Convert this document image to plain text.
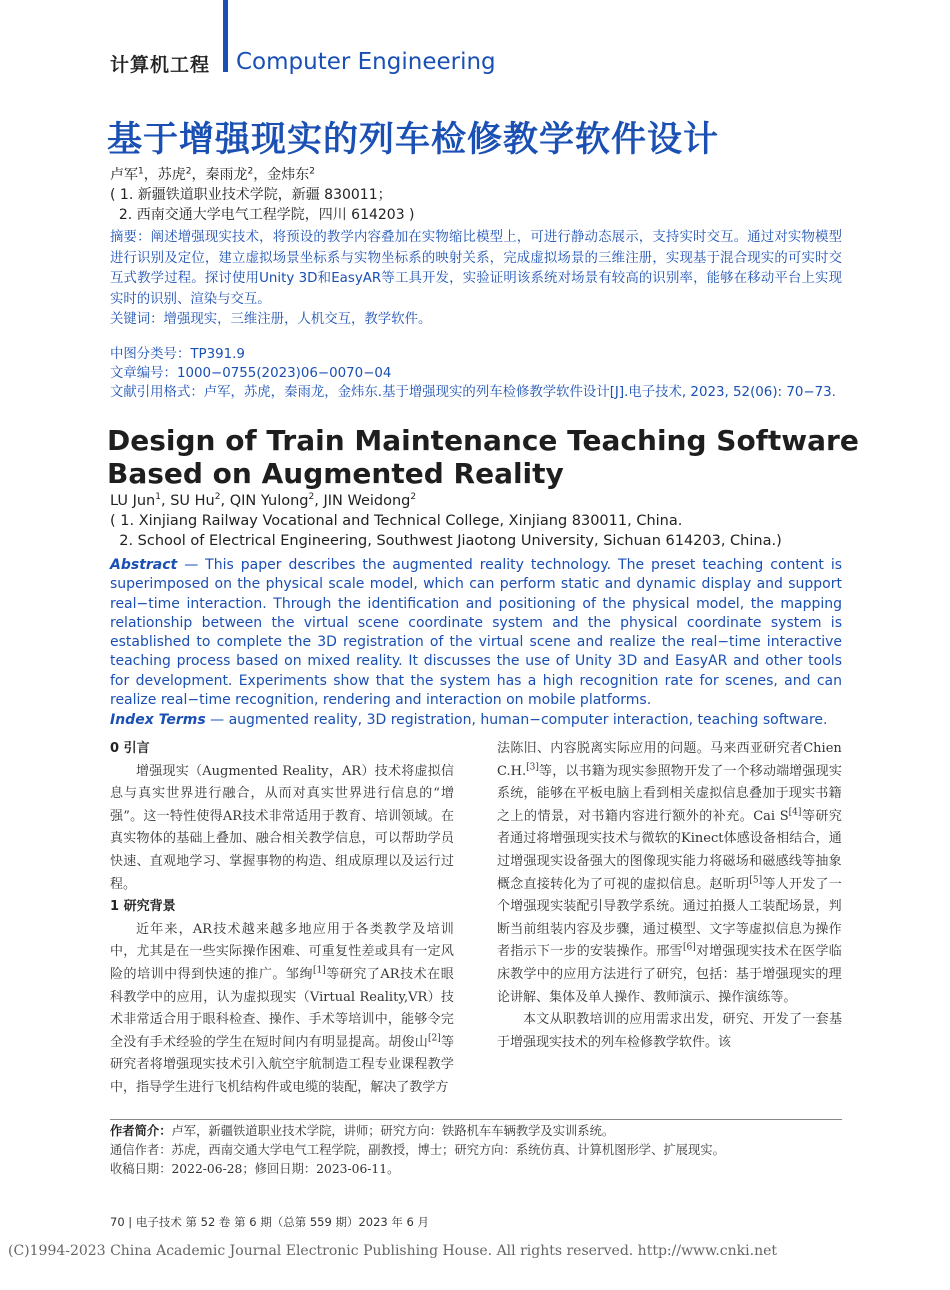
计算机工程 Computer Engineering
基于增强现实的列车检修教学软件设计
卢军$^1$，苏虎$^2$，秦雨龙$^2$，金炜东$^2$
( 1. 新疆铁道职业技术学院，新疆 830011；
2. 西南交通大学电气工程学院，四川 614203 )
摘要：阐述增强现实技术，将预设的教学内容叠加在实物缩比模型上，可进行静动态展示，支持实时交互。通过对实物模型进行识别及定位，建立虚拟场景坐标系与实物坐标系的映射关系，完成虚拟场景的三维注册，实现基于混合现实的可实时交互式教学过程。探讨使用Unity 3D和EasyAR等工具开发，实验证明该系统对场景有较高的识别率，能够在移动平台上实现实时的识别、渲染与交互。
关键词：增强现实，三维注册，人机交互，教学软件。
中图分类号：TP391.9
文章编号：1000−0755(2023)06−0070−04
文献引用格式：卢军，苏虎，秦雨龙，金炜东.基于增强现实的列车检修教学软件设计[J].电子技术, 2023, 52(06): 70−73.
Design of Train Maintenance Teaching Software Based on Augmented Reality
LU Jun$^1$, SU Hu$^2$, QIN Yulong$^2$, JIN Weidong$^2$
( 1. Xinjiang Railway Vocational and Technical College, Xinjiang 830011, China.
2. School of Electrical Engineering, Southwest Jiaotong University, Sichuan 614203, China.)
Abstract — This paper describes the augmented reality technology. The preset teaching content is superimposed on the physical scale model, which can perform static and dynamic display and support real−time interaction. Through the identification and positioning of the physical model, the mapping relationship between the virtual scene coordinate system and the physical coordinate system is established to complete the 3D registration of the virtual scene and realize the real−time interactive teaching process based on mixed reality. It discusses the use of Unity 3D and EasyAR and other tools for development. Experiments show that the system has a high recognition rate for scenes, and can realize real−time recognition, rendering and interaction on mobile platforms.
Index Terms — augmented reality, 3D registration, human−computer interaction, teaching software.
0 引言

增强现实（Augmented Reality，AR）技术将虚拟信息与真实世界进行融合，从而对真实世界进行信息的“增强”。这一特性使得AR技术非常适用于教育、培训领域。在真实物体的基础上叠加、融合相关教学信息，可以帮助学员快速、直观地学习、掌握事物的构造、组成原理以及运行过程。

1 研究背景

近年来，AR技术越来越多地应用于各类教学及培训中，尤其是在一些实际操作困难、可重复性差或具有一定风险的培训中得到快速的推广。邹绚[1]等研究了AR技术在眼科教学中的应用，认为虚拟现实（Virtual Reality,VR）技术非常适合用于眼科检查、操作、手术等培训中，能够令完全没有手术经验的学生在短时间内有明显提高。胡俊山[2]等研究者将增强现实技术引入航空宇航制造工程专业课程教学中，指导学生进行飞机结构件或电缆的装配，解决了教学方

法陈旧、内容脱离实际应用的问题。马来西亚研究者Chien C.H.[3]等，以书籍为现实参照物开发了一个移动端增强现实系统，能够在平板电脑上看到相关虚拟信息叠加于现实书籍之上的情景，对书籍内容进行额外的补充。Cai S[4]等研究者通过将增强现实技术与微软的Kinect体感设备相结合，通过增强现实设备强大的图像现实能力将磁场和磁感线等抽象概念直接转化为了可视的虚拟信息。赵昕玥[5]等人开发了一个增强现实装配引导教学系统。通过拍摄人工装配场景，判断当前组装内容及步骤，通过模型、文字等虚拟信息为操作者指示下一步的安装操作。邢雪[6]对增强现实技术在医学临床教学中的应用方法进行了研究，包括：基于增强现实的理论讲解、集体及单人操作、教师演示、操作演练等。

本文从职教培训的应用需求出发，研究、开发了一套基于增强现实技术的列车检修教学软件。该

作者简介：卢军，新疆铁道职业技术学院，讲师；研究方向：铁路机车车辆教学及实训系统。

通信作者：苏虎，西南交通大学电气工程学院，副教授，博士；研究方向：系统仿真、计算机图形学、扩展现实。

收稿日期：2022-06-28；修回日期：2023-06-11。

70 | 电子技术 第 52 卷 第 6 期（总第 559 期）2023 年 6 月
(C)1994-2023 China Academic Journal Electronic Publishing House. All rights reserved. http://www.cnki.net
